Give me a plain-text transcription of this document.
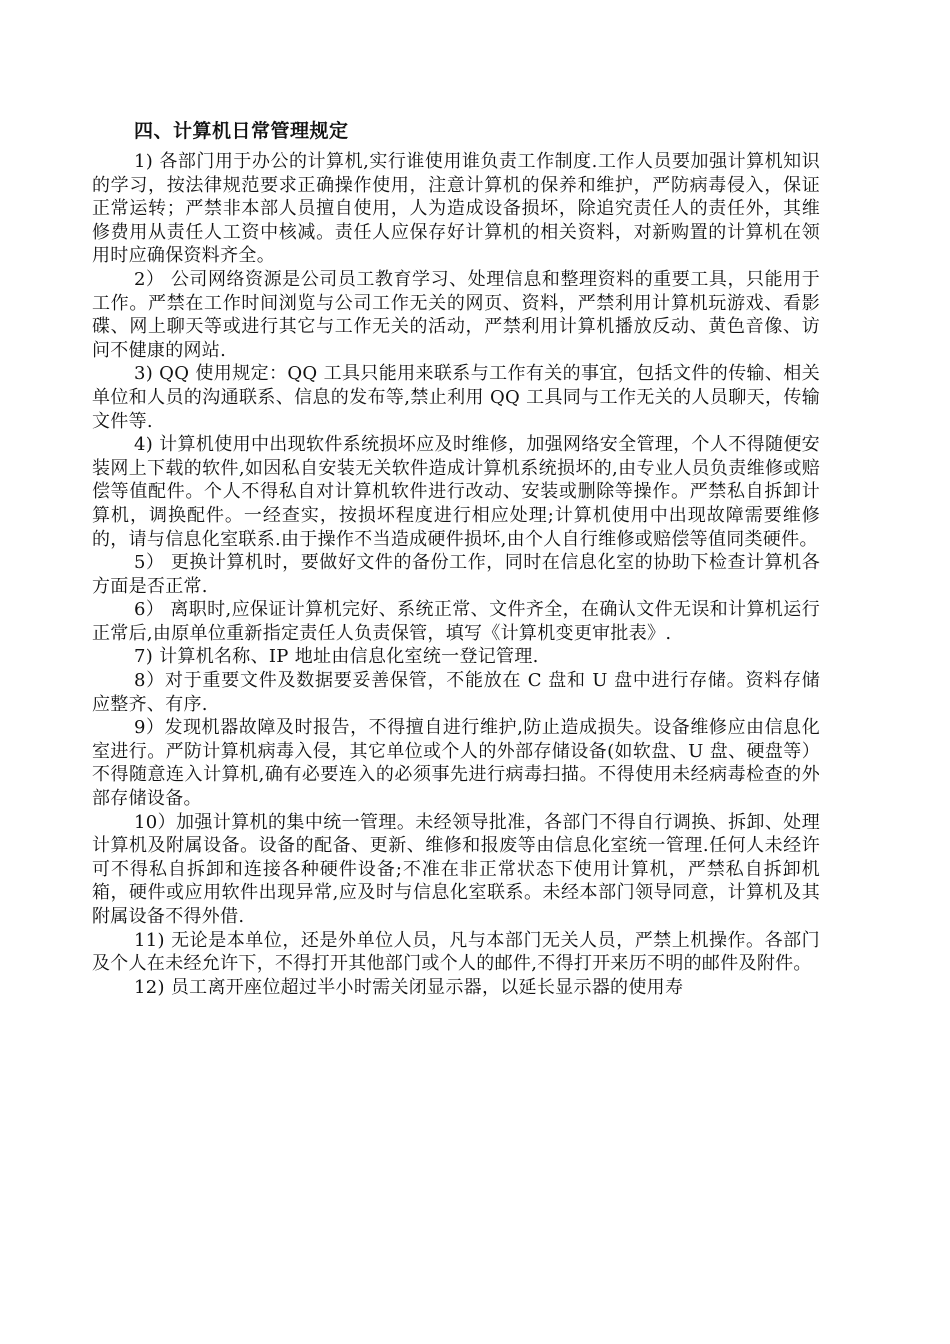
四、计算机日常管理规定

1) 各部门用于办公的计算机,实行谁使用谁负责工作制度.工作人员要加强计算机知识的学习，按法律规范要求正确操作使用，注意计算机的保养和维护，严防病毒侵入，保证正常运转；严禁非本部人员擅自使用，人为造成设备损坏，除追究责任人的责任外，其维修费用从责任人工资中核减。责任人应保存好计算机的相关资料，对新购置的计算机在领用时应确保资料齐全。

2） 公司网络资源是公司员工教育学习、处理信息和整理资料的重要工具，只能用于工作。严禁在工作时间浏览与公司工作无关的网页、资料，严禁利用计算机玩游戏、看影碟、网上聊天等或进行其它与工作无关的活动，严禁利用计算机播放反动、黄色音像、访问不健康的网站.

3) QQ 使用规定：QQ 工具只能用来联系与工作有关的事宜，包括文件的传输、相关单位和人员的沟通联系、信息的发布等,禁止利用 QQ 工具同与工作无关的人员聊天，传输文件等.

4) 计算机使用中出现软件系统损坏应及时维修，加强网络安全管理，个人不得随便安装网上下载的软件,如因私自安装无关软件造成计算机系统损坏的,由专业人员负责维修或赔偿等值配件。个人不得私自对计算机软件进行改动、安装或删除等操作。严禁私自拆卸计算机，调换配件。一经查实，按损坏程度进行相应处理;计算机使用中出现故障需要维修的，请与信息化室联系.由于操作不当造成硬件损坏,由个人自行维修或赔偿等值同类硬件。

5） 更换计算机时，要做好文件的备份工作，同时在信息化室的协助下检查计算机各方面是否正常.

6） 离职时,应保证计算机完好、系统正常、文件齐全，在确认文件无误和计算机运行正常后,由原单位重新指定责任人负责保管，填写《计算机变更审批表》.

7) 计算机名称、IP 地址由信息化室统一登记管理.

8）对于重要文件及数据要妥善保管，不能放在 C 盘和 U 盘中进行存储。资料存储应整齐、有序.

9）发现机器故障及时报告，不得擅自进行维护,防止造成损失。设备维修应由信息化室进行。严防计算机病毒入侵，其它单位或个人的外部存储设备(如软盘、U 盘、硬盘等）不得随意连入计算机,确有必要连入的必须事先进行病毒扫描。不得使用未经病毒检查的外部存储设备。

10）加强计算机的集中统一管理。未经领导批准，各部门不得自行调换、拆卸、处理计算机及附属设备。设备的配备、更新、维修和报废等由信息化室统一管理.任何人未经许可不得私自拆卸和连接各种硬件设备;不准在非正常状态下使用计算机，严禁私自拆卸机箱，硬件或应用软件出现异常,应及时与信息化室联系。未经本部门领导同意，计算机及其附属设备不得外借.

11) 无论是本单位，还是外单位人员，凡与本部门无关人员，严禁上机操作。各部门及个人在未经允许下，不得打开其他部门或个人的邮件,不得打开来历不明的邮件及附件。

12) 员工离开座位超过半小时需关闭显示器，以延长显示器的使用寿
